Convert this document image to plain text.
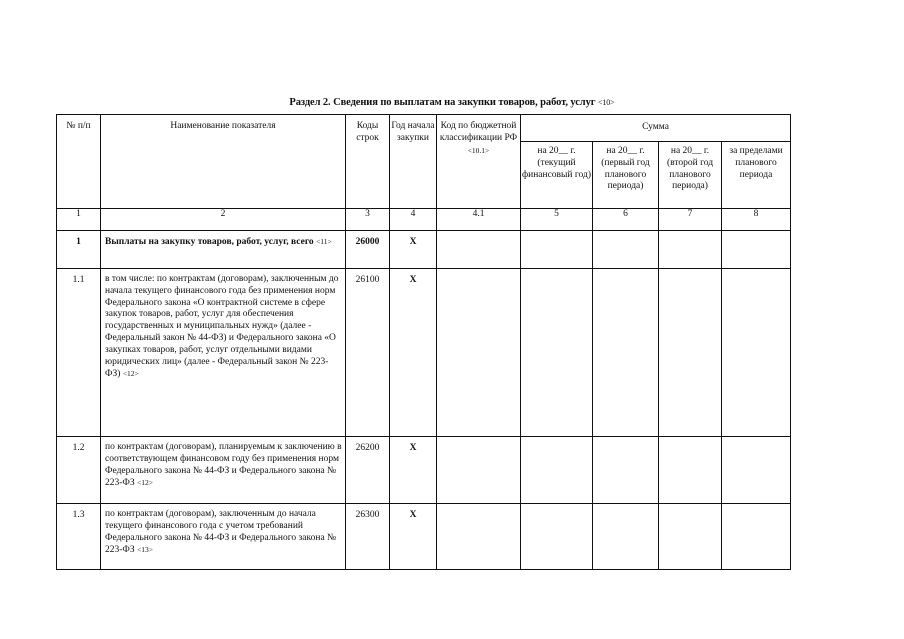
Раздел 2. Сведения по выплатам на закупки товаров, работ, услуг <10>
№ п/п	Наименование показателя	Коды строк	Год начала закупки	Код по бюджетной классификации РФ <10.1>	Сумма			
					на 20__ г. (текущий финансовый год)	на 20__ г. (первый год планового периода)	на 20__ г. (второй год планового периода)	за пределами планового периода
1	2	3	4	4.1	5	6	7	8
1	Выплаты на закупку товаров, работ, услуг, всего <11>	26000	X					
1.1	в том числе: по контрактам (договорам), заключенным до начала текущего финансового года без применения норм Федерального закона «О контрактной системе в сфере закупок товаров, работ, услуг для обеспечения государственных и муниципальных нужд» (далее - Федеральный закон № 44-ФЗ) и Федерального закона «О закупках товаров, работ, услуг отдельными видами юридических лиц» (далее - Федеральный закон № 223-ФЗ) <12>	26100	X					
1.2	по контрактам (договорам), планируемым к заключению в соответствующем финансовом году без применения норм Федерального закона № 44-ФЗ и Федерального закона № 223-ФЗ <12>	26200	X					
1.3	по контрактам (договорам), заключенным до начала текущего финансового года с учетом требований Федерального закона № 44-ФЗ и Федерального закона № 223-ФЗ <13>	26300	X					
